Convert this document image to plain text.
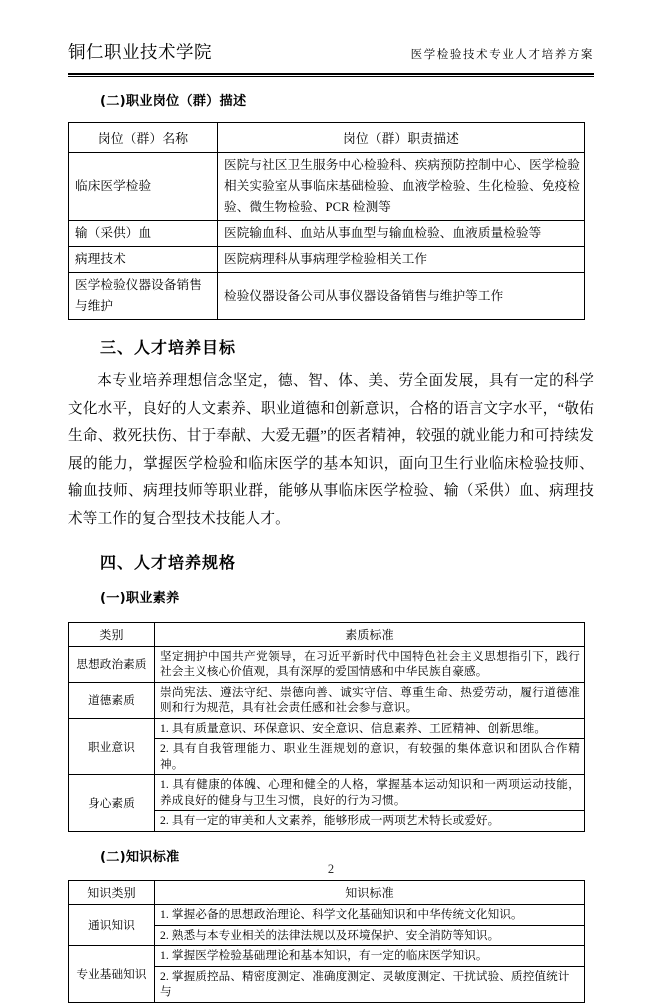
铜仁职业技术学院	医学检验技术专业人才培养方案
(二)职业岗位（群）描述
岗位（群）名称	岗位（群）职责描述
临床医学检验	医院与社区卫生服务中心检验科、疾病预防控制中心、医学检验相关实验室从事临床基础检验、血液学检验、生化检验、免疫检验、微生物检验、PCR 检测等
输（采供）血	医院输血科、血站从事血型与输血检验、血液质量检验等
病理技术	医院病理科从事病理学检验相关工作
医学检验仪器设备销售与维护	检验仪器设备公司从事仪器设备销售与维护等工作
三、人才培养目标

本专业培养理想信念坚定，德、智、体、美、劳全面发展，具有一定的科学文化水平，良好的人文素养、职业道德和创新意识，合格的语言文字水平，“敬佑生命、救死扶伤、甘于奉献、大爱无疆”的医者精神，较强的就业能力和可持续发展的能力，掌握医学检验和临床医学的基本知识，面向卫生行业临床检验技师、输血技师、病理技师等职业群，能够从事临床医学检验、输（采供）血、病理技术等工作的复合型技术技能人才。

四、人才培养规格
(一)职业素养
类别	素质标准
思想政治素质	坚定拥护中国共产党领导，在习近平新时代中国特色社会主义思想指引下，践行社会主义核心价值观，具有深厚的爱国情感和中华民族自豪感。
道德素质	崇尚宪法、遵法守纪、崇德向善、诚实守信、尊重生命、热爱劳动，履行道德准则和行为规范，具有社会责任感和社会参与意识。
职业意识	1. 具有质量意识、环保意识、安全意识、信息素养、工匠精神、创新思维。
	2. 具有自我管理能力、职业生涯规划的意识，有较强的集体意识和团队合作精神。
身心素质	1. 具有健康的体魄、心理和健全的人格，掌握基本运动知识和一两项运动技能，养成良好的健身与卫生习惯，良好的行为习惯。
	2. 具有一定的审美和人文素养，能够形成一两项艺术特长或爱好。
(二)知识标准
知识类别	知识标准
通识知识	1. 掌握必备的思想政治理论、科学文化基础知识和中华传统文化知识。
	2. 熟悉与本专业相关的法律法规以及环境保护、安全消防等知识。
专业基础知识	1. 掌握医学检验基础理论和基本知识，有一定的临床医学知识。
	2. 掌握质控品、精密度测定、准确度测定、灵敏度测定、干扰试验、质控值统计与
2
